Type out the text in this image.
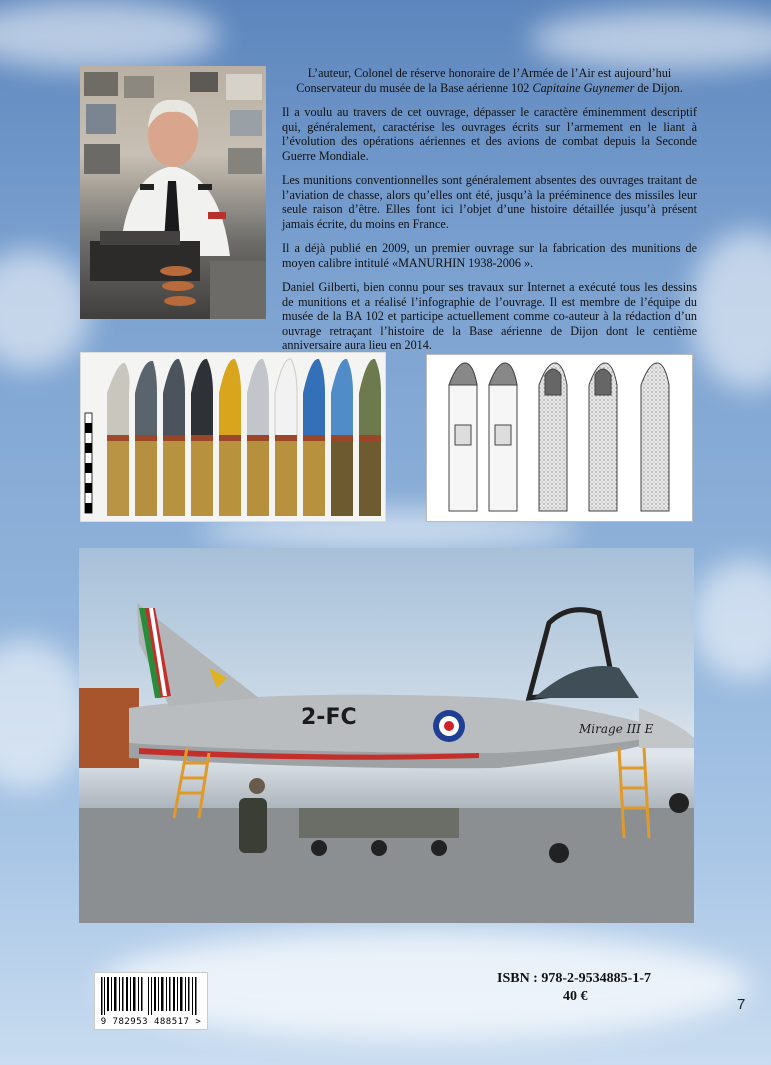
L’auteur, Colonel de réserve honoraire de l’Armée de l’Air est aujourd’hui Conservateur du musée de la Base aérienne 102 Capitaine Guynemer de Dijon.

Il a voulu au travers de cet ouvrage, dépasser le caractère éminemment descriptif qui, généralement, caractérise les ouvrages écrits sur l’armement en le liant à l’évolution des opérations aériennes et des avions de combat depuis la Seconde Guerre Mondiale.

Les munitions conventionnelles sont généralement absentes des ouvrages traitant de l’aviation de chasse, alors qu’elles ont été, jusqu’à la prééminence des missiles leur seule raison d’être. Elles font ici l’objet d’une histoire détaillée jusqu’à présent jamais écrite, du moins en France.

Il a déjà publié en 2009, un premier ouvrage sur la fabrication des munitions de moyen calibre intitulé «MANURHIN 1938-2006 ».

Daniel Gilberti, bien connu pour ses travaux sur Internet a exécuté tous les dessins de munitions et a réalisé l’infographie de l’ouvrage. Il est membre de l’équipe du musée de la BA 102 et participe actuellement comme co-auteur à la rédaction d’un ouvrage retraçant l’histoire de la Base aérienne de Dijon dont le centième anniversaire aura lieu en 2014.

2-FC	Mirage III E
9 782953 488517 >
ISBN : 978-2-9534885-1-7
40 €	7
